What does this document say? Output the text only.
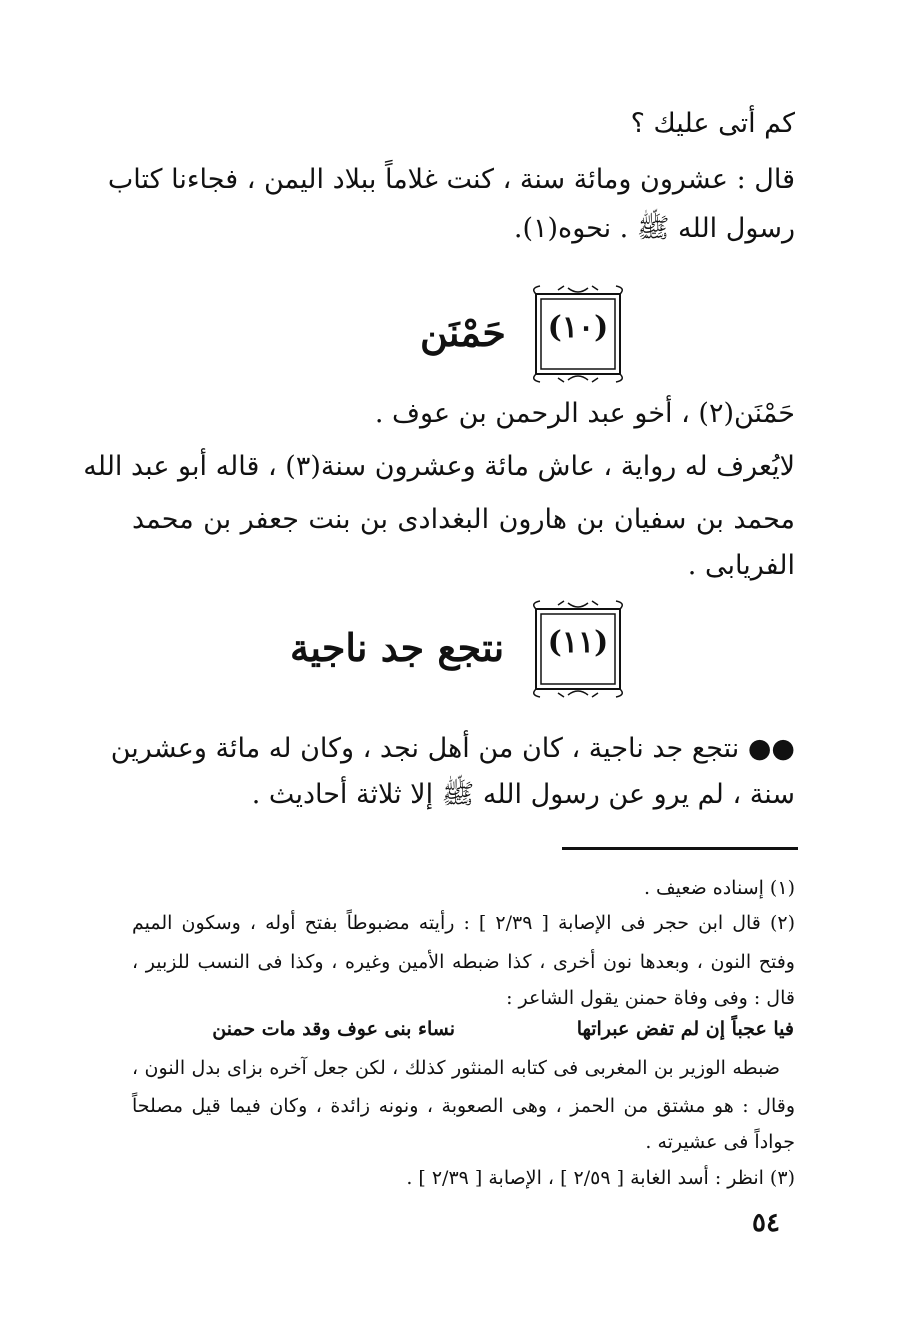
كم أتى عليك ؟
قال : عشرون ومائة سنة ، كنت غلاماً ببلاد اليمن ، فجاءنا كتاب
رسول الله ﷺ . نحوه(١).
(١٠)
حَمْنَن
حَمْنَن(٢) ، أخو عبد الرحمن بن عوف .
لايُعرف له رواية ، عاش مائة وعشرون سنة(٣) ، قاله أبو عبد الله
محمد بن سفيان بن هارون البغدادى بن بنت جعفر بن محمد
الفريابى .
(١١)
نتجع جد ناجية
●● نتجع جد ناجية ، كان من أهل نجد ، وكان له مائة وعشرين
سنة ، لم يرو عن رسول الله ﷺ إلا ثلاثة أحاديث .
(١) إسناده ضعيف .
(٢) قال ابن حجر فى الإصابة [ ٢/٣٩ ] : رأيته مضبوطاً بفتح أوله ، وسكون الميم
وفتح النون ، وبعدها نون أخرى ، كذا ضبطه الأمين وغيره ، وكذا فى النسب للزبير ،
قال : وفى وفاة حمنن يقول الشاعر :
فيا عجباً إن لم تفض عبراتها
نساء بنى عوف وقد مات حمنن
ضبطه الوزير بن المغربى فى كتابه المنثور كذلك ، لكن جعل آخره بزاى بدل النون ،
وقال : هو مشتق من الحمز ، وهى الصعوبة ، ونونه زائدة ، وكان فيما قيل مصلحاً
جواداً فى عشيرته .
(٣) انظر : أسد الغابة [ ٢/٥٩ ] ، الإصابة [ ٢/٣٩ ] .
٥٤
